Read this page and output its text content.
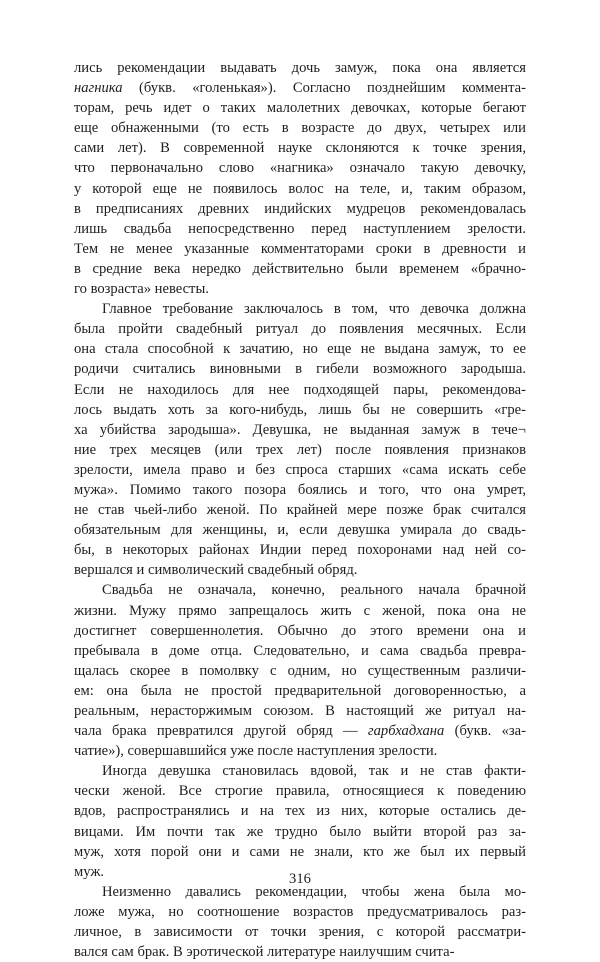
лись рекомендации выдавать дочь замуж, пока она является
нагника (букв. «голенькая»). Согласно позднейшим коммента-
торам, речь идет о таких малолетних девочках, которые бегают
еще обнаженными (то есть в возрасте до двух, четырех или
сами лет). В современной науке склоняются к точке зрения,
что первоначально слово «нагника» означало такую девочку,
у которой еще не появилось волос на теле, и, таким образом,
в предписаниях древних индийских мудрецов рекомендовалась
лишь свадьба непосредственно перед наступлением зрелости.
Тем не менее указанные комментаторами сроки в древности и
в средние века нередко действительно были временем «брачно-
го возраста» невесты.
Главное требование заключалось в том, что девочка должна
была пройти свадебный ритуал до появления месячных. Если
она стала способной к зачатию, но еще не выдана замуж, то ее
родичи считались виновными в гибели возможного зародыша.
Если не находилось для нее подходящей пары, рекомендова-
лось выдать хоть за кого-нибудь, лишь бы не совершить «гре-
ха убийства зародыша». Девушка, не выданная замуж в тече¬
ние трех месяцев (или трех лет) после появления признаков
зрелости, имела право и без спроса старших «сама искать себе
мужа». Помимо такого позора боялись и того, что она умрет,
не став чьей-либо женой. По крайней мере позже брак считался
обязательным для женщины, и, если девушка умирала до свадь-
бы, в некоторых районах Индии перед похоронами над ней со-
вершался и символический свадебный обряд.
Свадьба не означала, конечно, реального начала брачной
жизни. Мужу прямо запрещалось жить с женой, пока она не
достигнет совершеннолетия. Обычно до этого времени она и
пребывала в доме отца. Следовательно, и сама свадьба превра-
щалась скорее в помолвку с одним, но существенным различи-
ем: она была не простой предварительной договоренностью, а
реальным, нерасторжимым союзом. В настоящий же ритуал на-
чала брака превратился другой обряд — гарбхадхана (букв. «за-
чатие»), совершавшийся уже после наступления зрелости.
Иногда девушка становилась вдовой, так и не став факти-
чески женой. Все строгие правила, относящиеся к поведению
вдов, распространялись и на тех из них, которые остались де-
вицами. Им почти так же трудно было выйти второй раз за-
муж, хотя порой они и сами не знали, кто же был их первый
муж.
Неизменно давались рекомендации, чтобы жена была мо-
ложе мужа, но соотношение возрастов предусматривалось раз-
личное, в зависимости от точки зрения, с которой рассматри-
вался сам брак. В эротической литературе наилучшим счита-
316
